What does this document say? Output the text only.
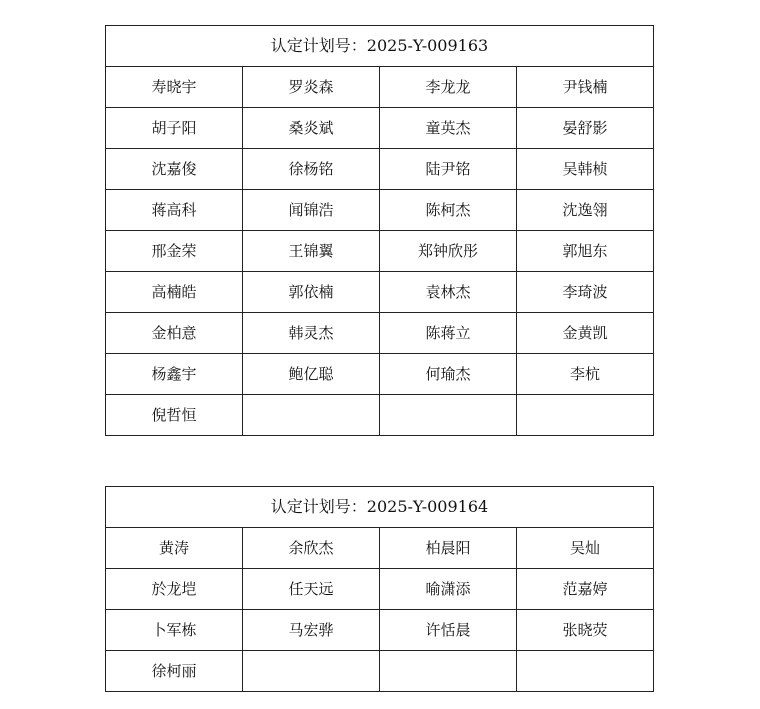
认定计划号：2025-Y-009163			
寿晓宇	罗炎森	李龙龙	尹钱楠
胡子阳	桑炎斌	童英杰	晏舒影
沈嘉俊	徐杨铭	陆尹铭	吴韩桢
蒋高科	闻锦浩	陈柯杰	沈逸翎
邢金荣	王锦翼	郑钟欣彤	郭旭东
高楠皓	郭依楠	袁林杰	李琦波
金柏意	韩灵杰	陈蒋立	金黄凯
杨鑫宇	鲍亿聪	何瑜杰	李杭
倪哲恒			
认定计划号：2025-Y-009164			
黄涛	余欣杰	柏晨阳	吴灿
於龙垲	任天远	喻潇添	范嘉婷
卜军栋	马宏骅	许恬晨	张晓荧
徐柯丽			
